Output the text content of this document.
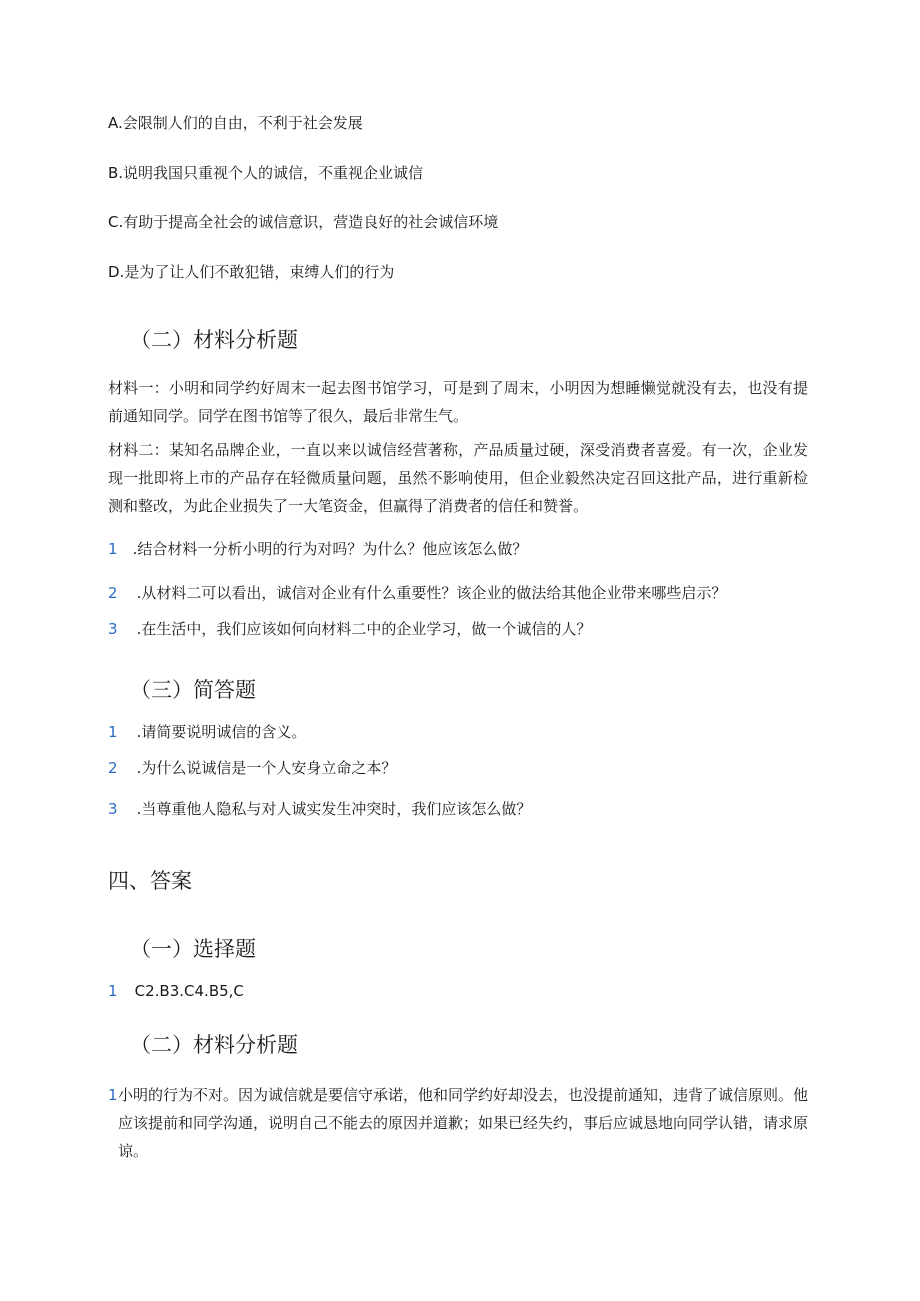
A.会限制人们的自由，不利于社会发展
B.说明我国只重视个人的诚信，不重视企业诚信
C.有助于提高全社会的诚信意识，营造良好的社会诚信环境
D.是为了让人们不敢犯错，束缚人们的行为
（二）材料分析题
材料一：小明和同学约好周末一起去图书馆学习，可是到了周末，小明因为想睡懒觉就没有去，也没有提前通知同学。同学在图书馆等了很久，最后非常生气。
材料二：某知名品牌企业，一直以来以诚信经营著称，产品质量过硬，深受消费者喜爱。有一次，企业发现一批即将上市的产品存在轻微质量问题，虽然不影响使用，但企业毅然决定召回这批产品，进行重新检测和整改，为此企业损失了一大笔资金，但赢得了消费者的信任和赞誉。
1 .结合材料一分析小明的行为对吗？为什么？他应该怎么做？
2 .从材料二可以看出，诚信对企业有什么重要性？该企业的做法给其他企业带来哪些启示？
3 .在生活中，我们应该如何向材料二中的企业学习，做一个诚信的人？
（三）简答题
1 .请简要说明诚信的含义。
2 .为什么说诚信是一个人安身立命之本？
3 .当尊重他人隐私与对人诚实发生冲突时，我们应该怎么做？
四、答案
（一）选择题
1 C2.B3.C4.B5,C
（二）材料分析题
1 小明的行为不对。因为诚信就是要信守承诺，他和同学约好却没去，也没提前通知，违背了诚信原则。他应该提前和同学沟通，说明自己不能去的原因并道歉；如果已经失约，事后应诚恳地向同学认错，请求原谅。
